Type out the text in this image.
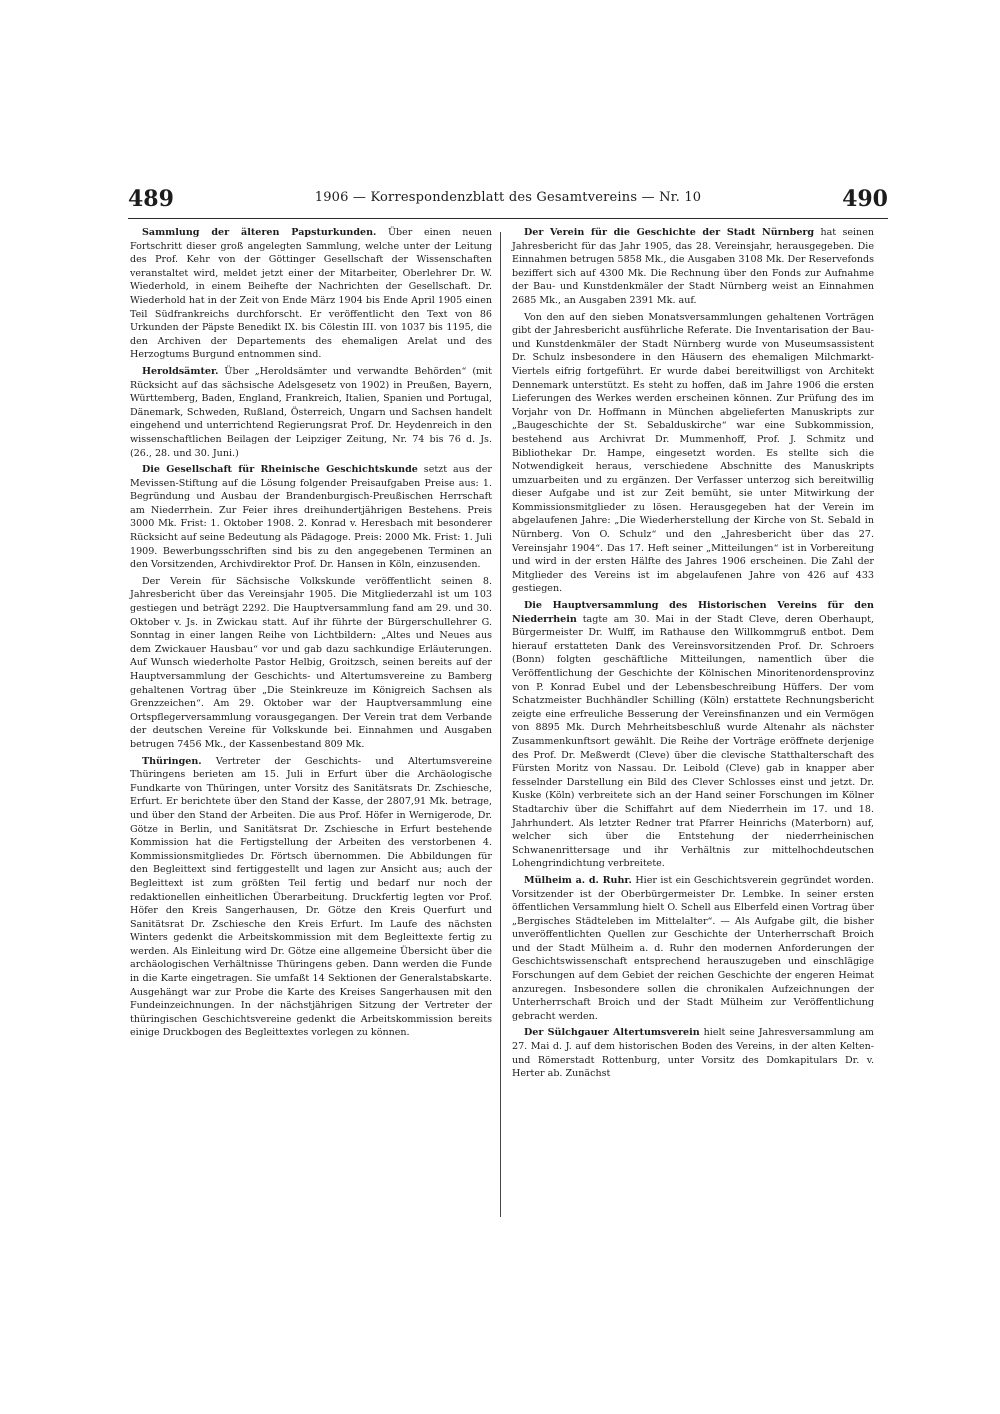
489	1906 — Korrespondenzblatt des Gesamtvereins — Nr. 10	490

Sammlung der älteren Papsturkunden. Über einen neuen Fortschritt dieser groß angelegten Sammlung, welche unter der Leitung des Prof. Kehr von der Göttinger Gesellschaft der Wissenschaften veranstaltet wird, meldet jetzt einer der Mitarbeiter, Oberlehrer Dr. W. Wiederhold, in einem Beihefte der Nachrichten der Gesellschaft. Dr. Wiederhold hat in der Zeit von Ende März 1904 bis Ende April 1905 einen Teil Südfrankreichs durchforscht. Er veröffentlicht den Text von 86 Urkunden der Päpste Benedikt IX. bis Cölestin III. von 1037 bis 1195, die den Archiven der Departements des ehemaligen Arelat und des Herzogtums Burgund entnommen sind.

Heroldsämter. Über „Heroldsämter und verwandte Behörden“ (mit Rücksicht auf das sächsische Adelsgesetz von 1902) in Preußen, Bayern, Württemberg, Baden, England, Frankreich, Italien, Spanien und Portugal, Dänemark, Schweden, Rußland, Österreich, Ungarn und Sachsen handelt eingehend und unterrichtend Regierungsrat Prof. Dr. Heydenreich in den wissenschaftlichen Beilagen der Leipziger Zeitung, Nr. 74 bis 76 d. Js. (26., 28. und 30. Juni.)

Die Gesellschaft für Rheinische Geschichtskunde setzt aus der Mevissen-Stiftung auf die Lösung folgender Preisaufgaben Preise aus: 1. Begründung und Ausbau der Brandenburgisch-Preußischen Herrschaft am Niederrhein. Zur Feier ihres dreihundertjährigen Bestehens. Preis 3000 Mk. Frist: 1. Oktober 1908. 2. Konrad v. Heresbach mit besonderer Rücksicht auf seine Bedeutung als Pädagoge. Preis: 2000 Mk. Frist: 1. Juli 1909. Bewerbungsschriften sind bis zu den angegebenen Terminen an den Vorsitzenden, Archivdirektor Prof. Dr. Hansen in Köln, einzusenden.

Der Verein für Sächsische Volkskunde veröffentlicht seinen 8. Jahresbericht über das Vereinsjahr 1905. Die Mitgliederzahl ist um 103 gestiegen und beträgt 2292. Die Hauptversammlung fand am 29. und 30. Oktober v. Js. in Zwickau statt. Auf ihr führte der Bürgerschullehrer G. Sonntag in einer langen Reihe von Lichtbildern: „Altes und Neues aus dem Zwickauer Hausbau“ vor und gab dazu sachkundige Erläuterungen. Auf Wunsch wiederholte Pastor Helbig, Groitzsch, seinen bereits auf der Hauptversammlung der Geschichts- und Altertumsvereine zu Bamberg gehaltenen Vortrag über „Die Steinkreuze im Königreich Sachsen als Grenzzeichen“. Am 29. Oktober war der Hauptversammlung eine Ortspflegerversammlung vorausgegangen. Der Verein trat dem Verbande der deutschen Vereine für Volkskunde bei. Einnahmen und Ausgaben betrugen 7456 Mk., der Kassenbestand 809 Mk.

Thüringen. Vertreter der Geschichts- und Altertumsvereine Thüringens berieten am 15. Juli in Erfurt über die Archäologische Fundkarte von Thüringen, unter Vorsitz des Sanitätsrats Dr. Zschiesche, Erfurt. Er berichtete über den Stand der Kasse, der 2807,91 Mk. betrage, und über den Stand der Arbeiten. Die aus Prof. Höfer in Wernigerode, Dr. Götze in Berlin, und Sanitätsrat Dr. Zschiesche in Erfurt bestehende Kommission hat die Fertigstellung der Arbeiten des verstorbenen 4. Kommissionsmitgliedes Dr. Förtsch übernommen. Die Abbildungen für den Begleittext sind fertiggestellt und lagen zur Ansicht aus; auch der Begleittext ist zum größten Teil fertig und bedarf nur noch der redaktionellen einheitlichen Überarbeitung. Druckfertig legten vor Prof. Höfer den Kreis Sangerhausen, Dr. Götze den Kreis Querfurt und Sanitätsrat Dr. Zschiesche den Kreis Erfurt. Im Laufe des nächsten Winters gedenkt die Arbeitskommission mit dem Begleittexte fertig zu werden. Als Einleitung wird Dr. Götze eine allgemeine Übersicht über die archäologischen Verhältnisse Thüringens geben. Dann werden die Funde in die Karte eingetragen. Sie umfaßt 14 Sektionen der Generalstabskarte. Ausgehängt war zur Probe die Karte des Kreises Sangerhausen mit den Fundeinzeichnungen. In der nächstjährigen Sitzung der Vertreter der thüringischen Geschichtsvereine gedenkt die Arbeitskommission bereits einige Druckbogen des Begleittextes vorlegen zu können.

Der Verein für die Geschichte der Stadt Nürnberg hat seinen Jahresbericht für das Jahr 1905, das 28. Vereinsjahr, herausgegeben. Die Einnahmen betrugen 5858 Mk., die Ausgaben 3108 Mk. Der Reservefonds beziffert sich auf 4300 Mk. Die Rechnung über den Fonds zur Aufnahme der Bau- und Kunstdenkmäler der Stadt Nürnberg weist an Einnahmen 2685 Mk., an Ausgaben 2391 Mk. auf.

Von den auf den sieben Monatsversammlungen gehaltenen Vorträgen gibt der Jahresbericht ausführliche Referate. Die Inventarisation der Bau- und Kunstdenkmäler der Stadt Nürnberg wurde von Museumsassistent Dr. Schulz insbesondere in den Häusern des ehemaligen Milchmarkt-Viertels eifrig fortgeführt. Er wurde dabei bereitwilligst von Architekt Dennemark unterstützt. Es steht zu hoffen, daß im Jahre 1906 die ersten Lieferungen des Werkes werden erscheinen können. Zur Prüfung des im Vorjahr von Dr. Hoffmann in München abgelieferten Manuskripts zur „Baugeschichte der St. Sebalduskirche“ war eine Subkommission, bestehend aus Archivrat Dr. Mummenhoff, Prof. J. Schmitz und Bibliothekar Dr. Hampe, eingesetzt worden. Es stellte sich die Notwendigkeit heraus, verschiedene Abschnitte des Manuskripts umzuarbeiten und zu ergänzen. Der Verfasser unterzog sich bereitwillig dieser Aufgabe und ist zur Zeit bemüht, sie unter Mitwirkung der Kommissionsmitglieder zu lösen. Herausgegeben hat der Verein im abgelaufenen Jahre: „Die Wiederherstellung der Kirche von St. Sebald in Nürnberg. Von O. Schulz“ und den „Jahresbericht über das 27. Vereinsjahr 1904“. Das 17. Heft seiner „Mitteilungen“ ist in Vorbereitung und wird in der ersten Hälfte des Jahres 1906 erscheinen. Die Zahl der Mitglieder des Vereins ist im abgelaufenen Jahre von 426 auf 433 gestiegen.

Die Hauptversammlung des Historischen Vereins für den Niederrhein tagte am 30. Mai in der Stadt Cleve, deren Oberhaupt, Bürgermeister Dr. Wulff, im Rathause den Willkommgruß entbot. Dem hierauf erstatteten Dank des Vereinsvorsitzenden Prof. Dr. Schroers (Bonn) folgten geschäftliche Mitteilungen, namentlich über die Veröffentlichung der Geschichte der Kölnischen Minoritenordensprovinz von P. Konrad Eubel und der Lebensbeschreibung Hüffers. Der vom Schatzmeister Buchhändler Schilling (Köln) erstattete Rechnungsbericht zeigte eine erfreuliche Besserung der Vereinsfinanzen und ein Vermögen von 8895 Mk. Durch Mehrheitsbeschluß wurde Altenahr als nächster Zusammenkunftsort gewählt. Die Reihe der Vorträge eröffnete derjenige des Prof. Dr. Meßwerdt (Cleve) über die clevische Statthalterschaft des Fürsten Moritz von Nassau. Dr. Leibold (Cleve) gab in knapper aber fesselnder Darstellung ein Bild des Clever Schlosses einst und jetzt. Dr. Kuske (Köln) verbreitete sich an der Hand seiner Forschungen im Kölner Stadtarchiv über die Schiffahrt auf dem Niederrhein im 17. und 18. Jahrhundert. Als letzter Redner trat Pfarrer Heinrichs (Materborn) auf, welcher sich über die Entstehung der niederrheinischen Schwanenrittersage und ihr Verhältnis zur mittelhochdeutschen Lohengrindichtung verbreitete.

Mülheim a. d. Ruhr. Hier ist ein Geschichtsverein gegründet worden. Vorsitzender ist der Oberbürgermeister Dr. Lembke. In seiner ersten öffentlichen Versammlung hielt O. Schell aus Elberfeld einen Vortrag über „Bergisches Städteleben im Mittelalter“. — Als Aufgabe gilt, die bisher unveröffentlichten Quellen zur Geschichte der Unterherrschaft Broich und der Stadt Mülheim a. d. Ruhr den modernen Anforderungen der Geschichtswissenschaft entsprechend herauszugeben und einschlägige Forschungen auf dem Gebiet der reichen Geschichte der engeren Heimat anzuregen. Insbesondere sollen die chronikalen Aufzeichnungen der Unterherrschaft Broich und der Stadt Mülheim zur Veröffentlichung gebracht werden.

Der Sülchgauer Altertumsverein hielt seine Jahresversammlung am 27. Mai d. J. auf dem historischen Boden des Vereins, in der alten Kelten- und Römerstadt Rottenburg, unter Vorsitz des Domkapitulars Dr. v. Herter ab. Zunächst
